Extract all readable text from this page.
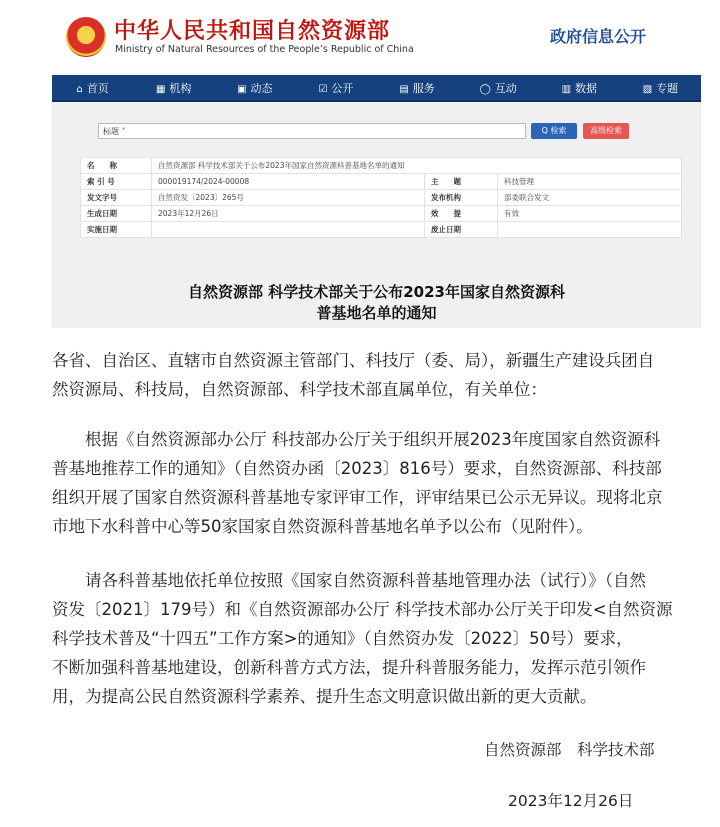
★ 中华人民共和国自然资源部
Ministry of Natural Resources of the People’s Republic of China
政府信息公开
⌂ 首页	▦ 机构	▣ 动态	☑ 公开	▤ 服务	◯ 互动	▥ 数据	▧ 专题
标题 ˅	Q 检索	高级检索
名　　称	自然资源部 科学技术部关于公布2023年国家自然资源科普基地名单的通知		
索 引 号	000019174/2024-00008	主　　题	科技管理
发文字号	自然资发〔2023〕265号	发布机构	部委联合发文
生成日期	2023年12月26日	效　　提	有效
实施日期		废止日期	
自然资源部 科学技术部关于公布2023年国家自然资源科
普基地名单的通知
各省、自治区、直辖市自然资源主管部门、科技厅（委、局），新疆生产建设兵团自
然资源局、科技局，自然资源部、科学技术部直属单位，有关单位：
根据《自然资源部办公厅 科技部办公厅关于组织开展2023年度国家自然资源科
普基地推荐工作的通知》（自然资办函〔2023〕816号）要求，自然资源部、科技部
组织开展了国家自然资源科普基地专家评审工作，评审结果已公示无异议。现将北京
市地下水科普中心等50家国家自然资源科普基地名单予以公布（见附件）。
请各科普基地依托单位按照《国家自然资源科普基地管理办法（试行）》（自然
资发〔2021〕179号）和《自然资源部办公厅 科学技术部办公厅关于印发<自然资源
科学技术普及“十四五”工作方案>的通知》（自然资办发〔2022〕50号）要求，
不断加强科普基地建设，创新科普方式方法，提升科普服务能力，发挥示范引领作
用，为提高公民自然资源科学素养、提升生态文明意识做出新的更大贡献。
自然资源部　科学技术部
2023年12月26日
